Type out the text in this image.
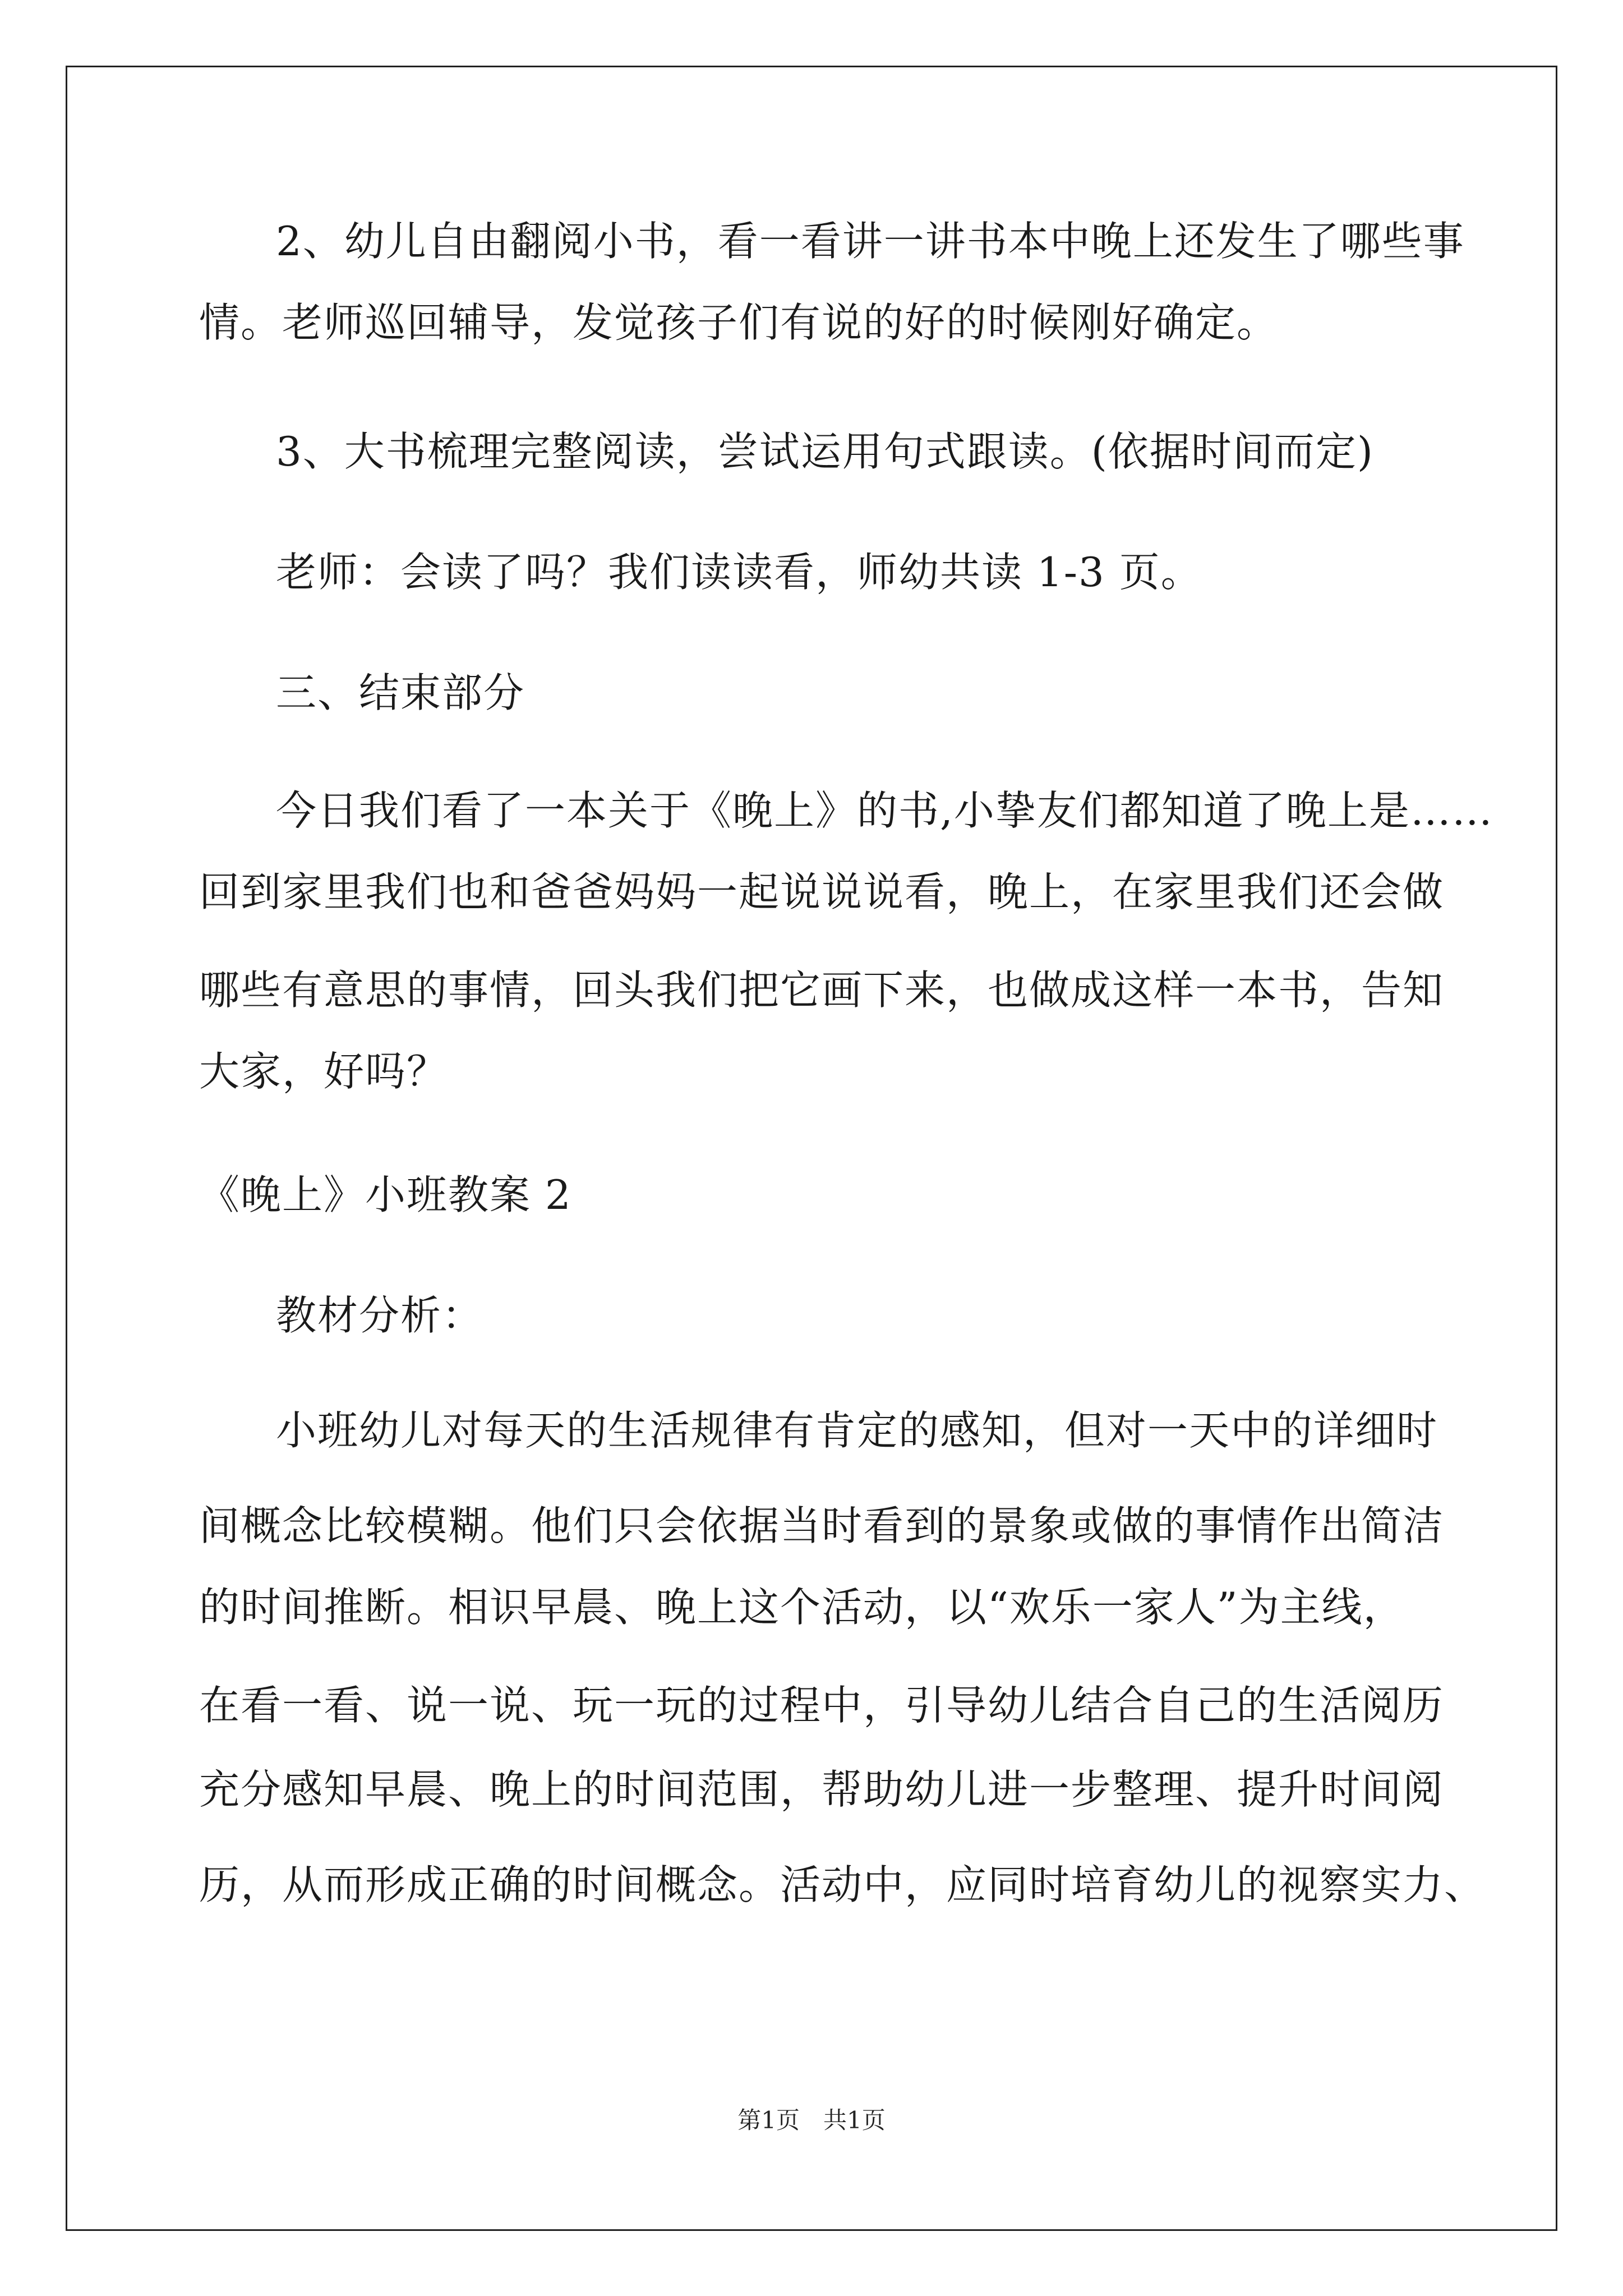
2、幼儿自由翻阅小书，看一看讲一讲书本中晚上还发生了哪些事
情。老师巡回辅导，发觉孩子们有说的好的时候刚好确定。
3、大书梳理完整阅读，尝试运用句式跟读。(依据时间而定)
老师：会读了吗？我们读读看，师幼共读 1-3 页。
三、结束部分
今日我们看了一本关于《晚上》的书,小挚友们都知道了晚上是……
回到家里我们也和爸爸妈妈一起说说说看，晚上，在家里我们还会做
哪些有意思的事情，回头我们把它画下来，也做成这样一本书，告知
大家，好吗？
《晚上》小班教案 2
教材分析：
小班幼儿对每天的生活规律有肯定的感知，但对一天中的详细时
间概念比较模糊。他们只会依据当时看到的景象或做的事情作出简洁
的时间推断。相识早晨、晚上这个活动，以“欢乐一家人”为主线，
在看一看、说一说、玩一玩的过程中，引导幼儿结合自己的生活阅历
充分感知早晨、晚上的时间范围，帮助幼儿进一步整理、提升时间阅
历，从而形成正确的时间概念。活动中，应同时培育幼儿的视察实力、
第1页　共1页
